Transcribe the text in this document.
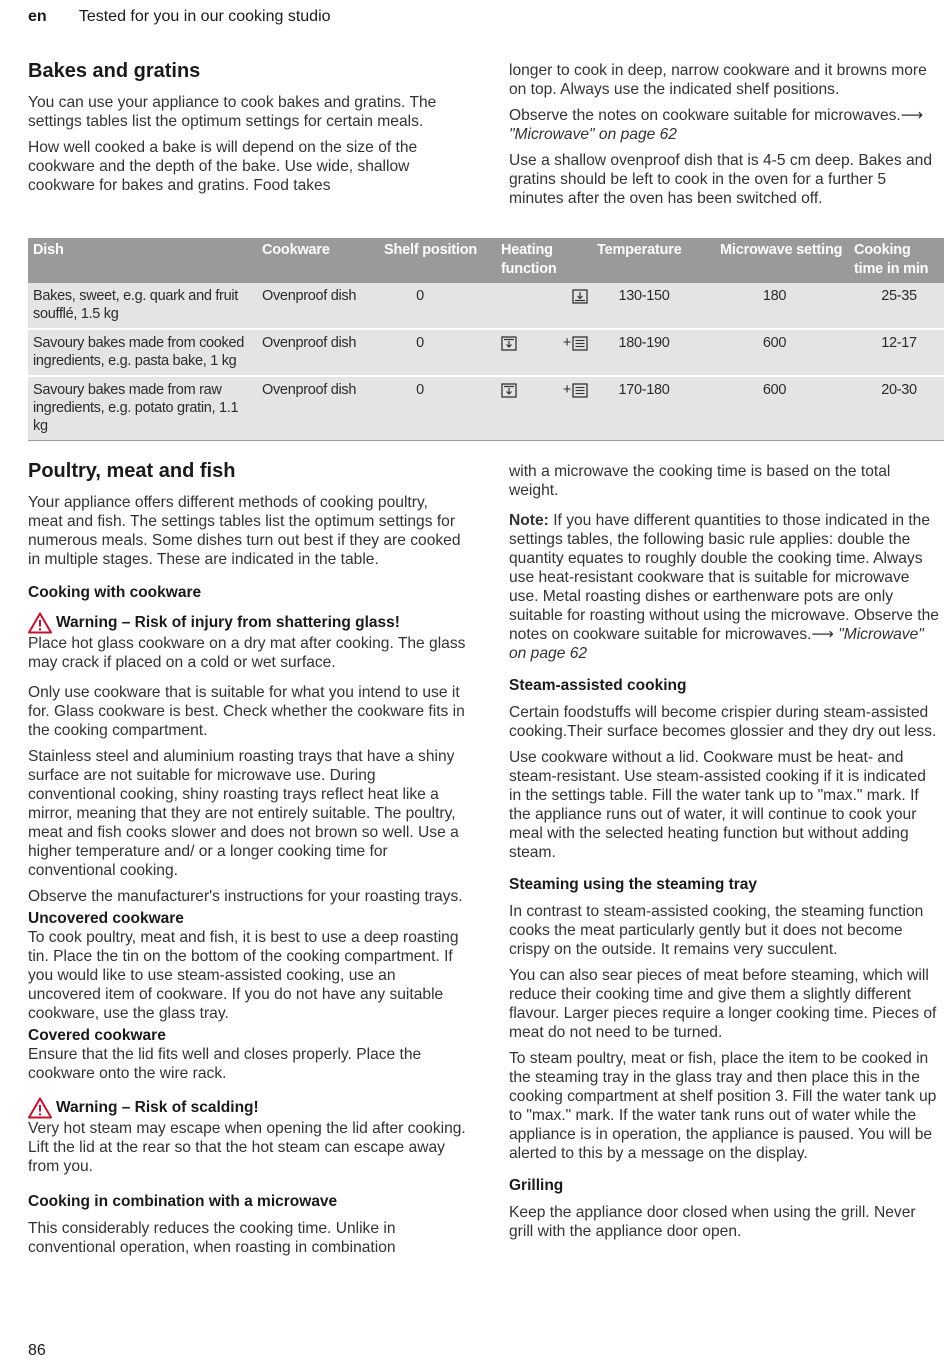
en Tested for you in our cooking studio
Bakes and gratins

You can use your appliance to cook bakes and gratins. The settings tables list the optimum settings for certain meals.

How well cooked a bake is will depend on the size of the cookware and the depth of the bake. Use wide, shallow cookware for bakes and gratins. Food takes

longer to cook in deep, narrow cookware and it browns more on top. Always use the indicated shelf positions.

Observe the notes on cookware suitable for microwaves.⟶ "Microwave" on page 62

Use a shallow ovenproof dish that is 4-5 cm deep. Bakes and gratins should be left to cook in the oven for a further 5 minutes after the oven has been switched off.

Dish	Cookware	Shelf position	Heating function	Temperature	Microwave setting	Cooking time in min
Bakes, sweet, e.g. quark and fruit soufflé, 1.5 kg	Ovenproof dish	0		130-150	180	25-35
Savoury bakes made from cooked ingredients, e.g. pasta bake, 1 kg	Ovenproof dish	0	+	180-190	600	12-17
Savoury bakes made from raw ingredients, e.g. potato gratin, 1.1 kg	Ovenproof dish	0	+	170-180	600	20-30
Poultry, meat and fish

Your appliance offers different methods of cooking poultry, meat and fish. The settings tables list the optimum settings for numerous meals. Some dishes turn out best if they are cooked in multiple stages. These are indicated in the table.

Cooking with cookware
Warning – Risk of injury from shattering glass!

Place hot glass cookware on a dry mat after cooking. The glass may crack if placed on a cold or wet surface.

Only use cookware that is suitable for what you intend to use it for. Glass cookware is best. Check whether the cookware fits in the cooking compartment.

Stainless steel and aluminium roasting trays that have a shiny surface are not suitable for microwave use. During conventional cooking, shiny roasting trays reflect heat like a mirror, meaning that they are not entirely suitable. The poultry, meat and fish cooks slower and does not brown so well. Use a higher temperature and/ or a longer cooking time for conventional cooking.

Observe the manufacturer's instructions for your roasting trays.

Uncovered cookware

To cook poultry, meat and fish, it is best to use a deep roasting tin. Place the tin on the bottom of the cooking compartment. If you would like to use steam-assisted cooking, use an uncovered item of cookware. If you do not have any suitable cookware, use the glass tray.

Covered cookware

Ensure that the lid fits well and closes properly. Place the cookware onto the wire rack.

Warning – Risk of scalding!

Very hot steam may escape when opening the lid after cooking. Lift the lid at the rear so that the hot steam can escape away from you.

Cooking in combination with a microwave

This considerably reduces the cooking time. Unlike in conventional operation, when roasting in combination

with a microwave the cooking time is based on the total weight.

Note: If you have different quantities to those indicated in the settings tables, the following basic rule applies: double the quantity equates to roughly double the cooking time. Always use heat-resistant cookware that is suitable for microwave use. Metal roasting dishes or earthenware pots are only suitable for roasting without using the microwave. Observe the notes on cookware suitable for microwaves.⟶ "Microwave" on page 62

Steam-assisted cooking

Certain foodstuffs will become crispier during steam-assisted cooking.Their surface becomes glossier and they dry out less.

Use cookware without a lid. Cookware must be heat- and steam-resistant. Use steam-assisted cooking if it is indicated in the settings table. Fill the water tank up to "max." mark. If the appliance runs out of water, it will continue to cook your meal with the selected heating function but without adding steam.

Steaming using the steaming tray

In contrast to steam-assisted cooking, the steaming function cooks the meat particularly gently but it does not become crispy on the outside. It remains very succulent.

You can also sear pieces of meat before steaming, which will reduce their cooking time and give them a slightly different flavour. Larger pieces require a longer cooking time. Pieces of meat do not need to be turned.

To steam poultry, meat or fish, place the item to be cooked in the steaming tray in the glass tray and then place this in the cooking compartment at shelf position 3. Fill the water tank up to "max." mark. If the water tank runs out of water while the appliance is in operation, the appliance is paused. You will be alerted to this by a message on the display.

Grilling

Keep the appliance door closed when using the grill. Never grill with the appliance door open.

86
